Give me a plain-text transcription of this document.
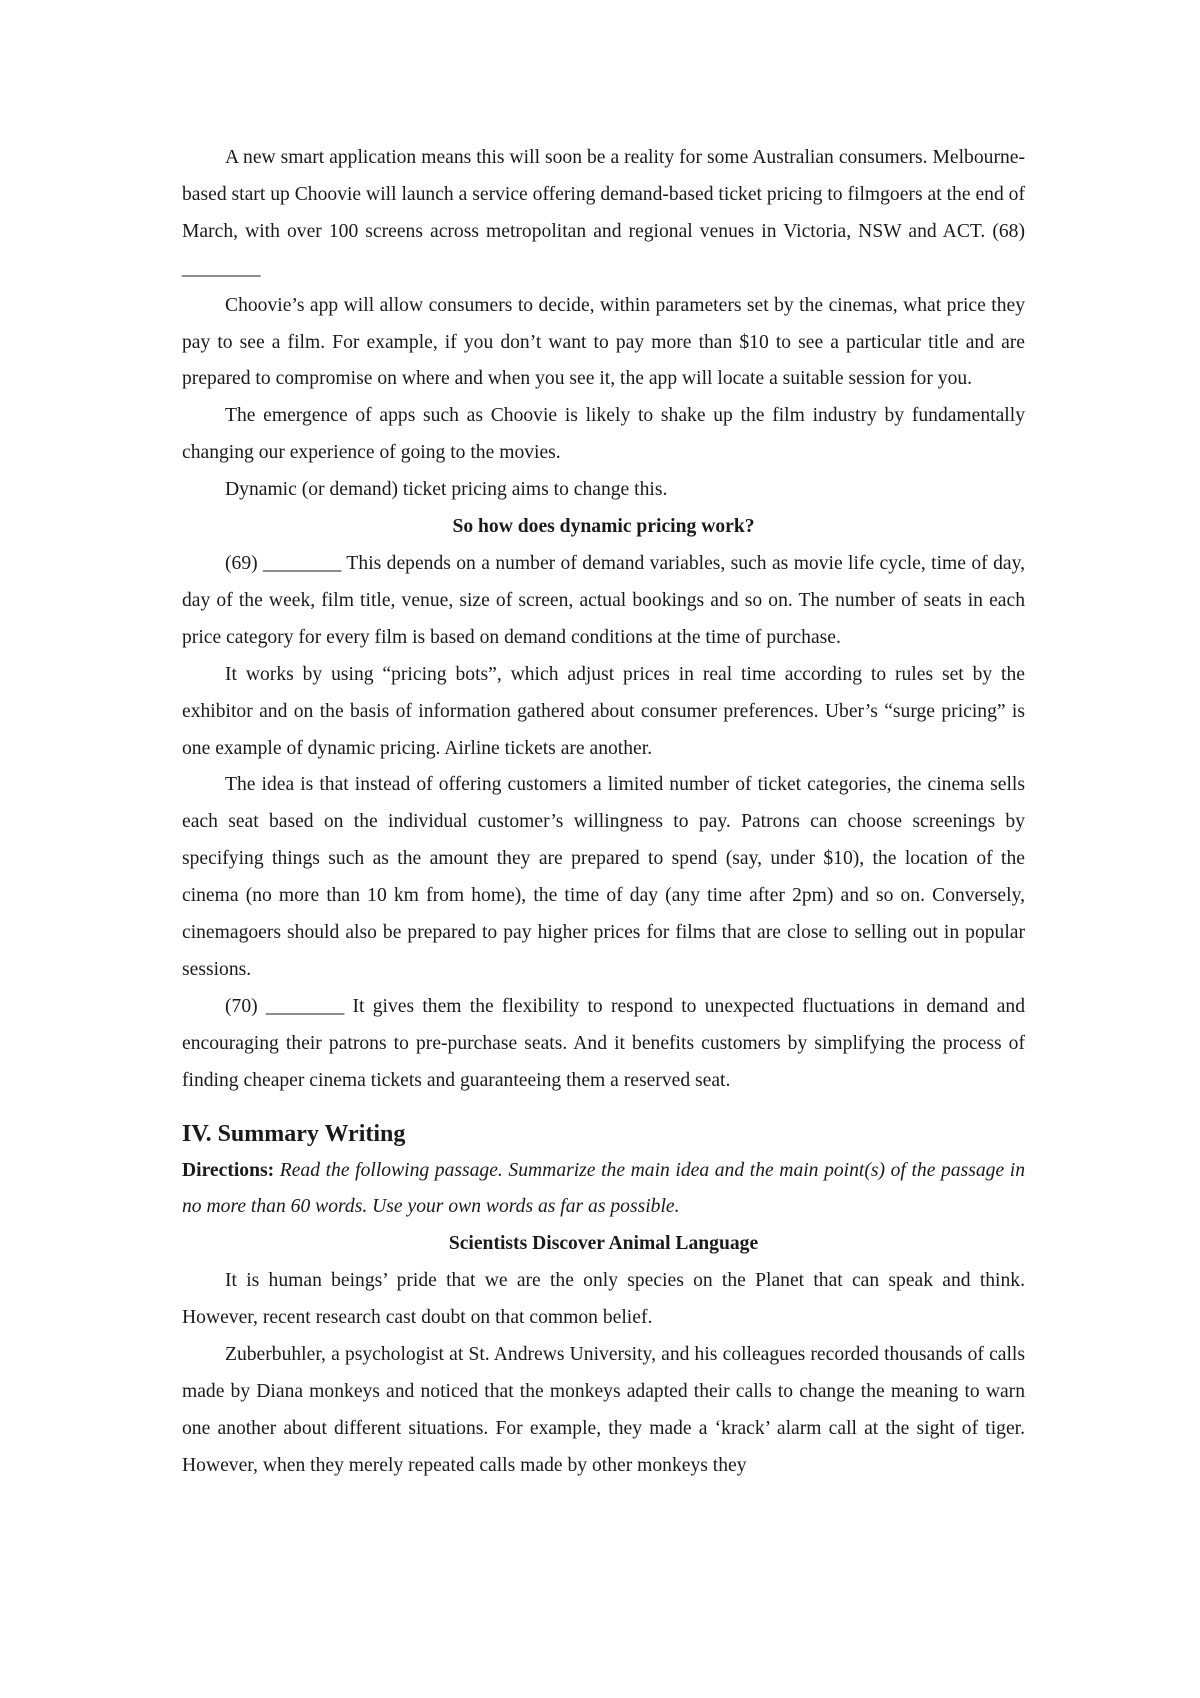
A new smart application means this will soon be a reality for some Australian consumers. Melbourne-based start up Choovie will launch a service offering demand-based ticket pricing to filmgoers at the end of March, with over 100 screens across metropolitan and regional venues in Victoria, NSW and ACT. (68) ________

Choovie’s app will allow consumers to decide, within parameters set by the cinemas, what price they pay to see a film. For example, if you don’t want to pay more than $10 to see a particular title and are prepared to compromise on where and when you see it, the app will locate a suitable session for you.

The emergence of apps such as Choovie is likely to shake up the film industry by fundamentally changing our experience of going to the movies.

Dynamic (or demand) ticket pricing aims to change this.

So how does dynamic pricing work?

(69) ________ This depends on a number of demand variables, such as movie life cycle, time of day, day of the week, film title, venue, size of screen, actual bookings and so on. The number of seats in each price category for every film is based on demand conditions at the time of purchase.

It works by using “pricing bots”, which adjust prices in real time according to rules set by the exhibitor and on the basis of information gathered about consumer preferences. Uber’s “surge pricing” is one example of dynamic pricing. Airline tickets are another.

The idea is that instead of offering customers a limited number of ticket categories, the cinema sells each seat based on the individual customer’s willingness to pay. Patrons can choose screenings by specifying things such as the amount they are prepared to spend (say, under $10), the location of the cinema (no more than 10 km from home), the time of day (any time after 2pm) and so on. Conversely, cinemagoers should also be prepared to pay higher prices for films that are close to selling out in popular sessions.

(70) ________ It gives them the flexibility to respond to unexpected fluctuations in demand and encouraging their patrons to pre-purchase seats. And it benefits customers by simplifying the process of finding cheaper cinema tickets and guaranteeing them a reserved seat.

IV. Summary Writing

Directions: Read the following passage. Summarize the main idea and the main point(s) of the passage in no more than 60 words. Use your own words as far as possible.

Scientists Discover Animal Language

It is human beings’ pride that we are the only species on the Planet that can speak and think. However, recent research cast doubt on that common belief.

Zuberbuhler, a psychologist at St. Andrews University, and his colleagues recorded thousands of calls made by Diana monkeys and noticed that the monkeys adapted their calls to change the meaning to warn one another about different situations. For example, they made a ‘krack’ alarm call at the sight of tiger. However, when they merely repeated calls made by other monkeys they
